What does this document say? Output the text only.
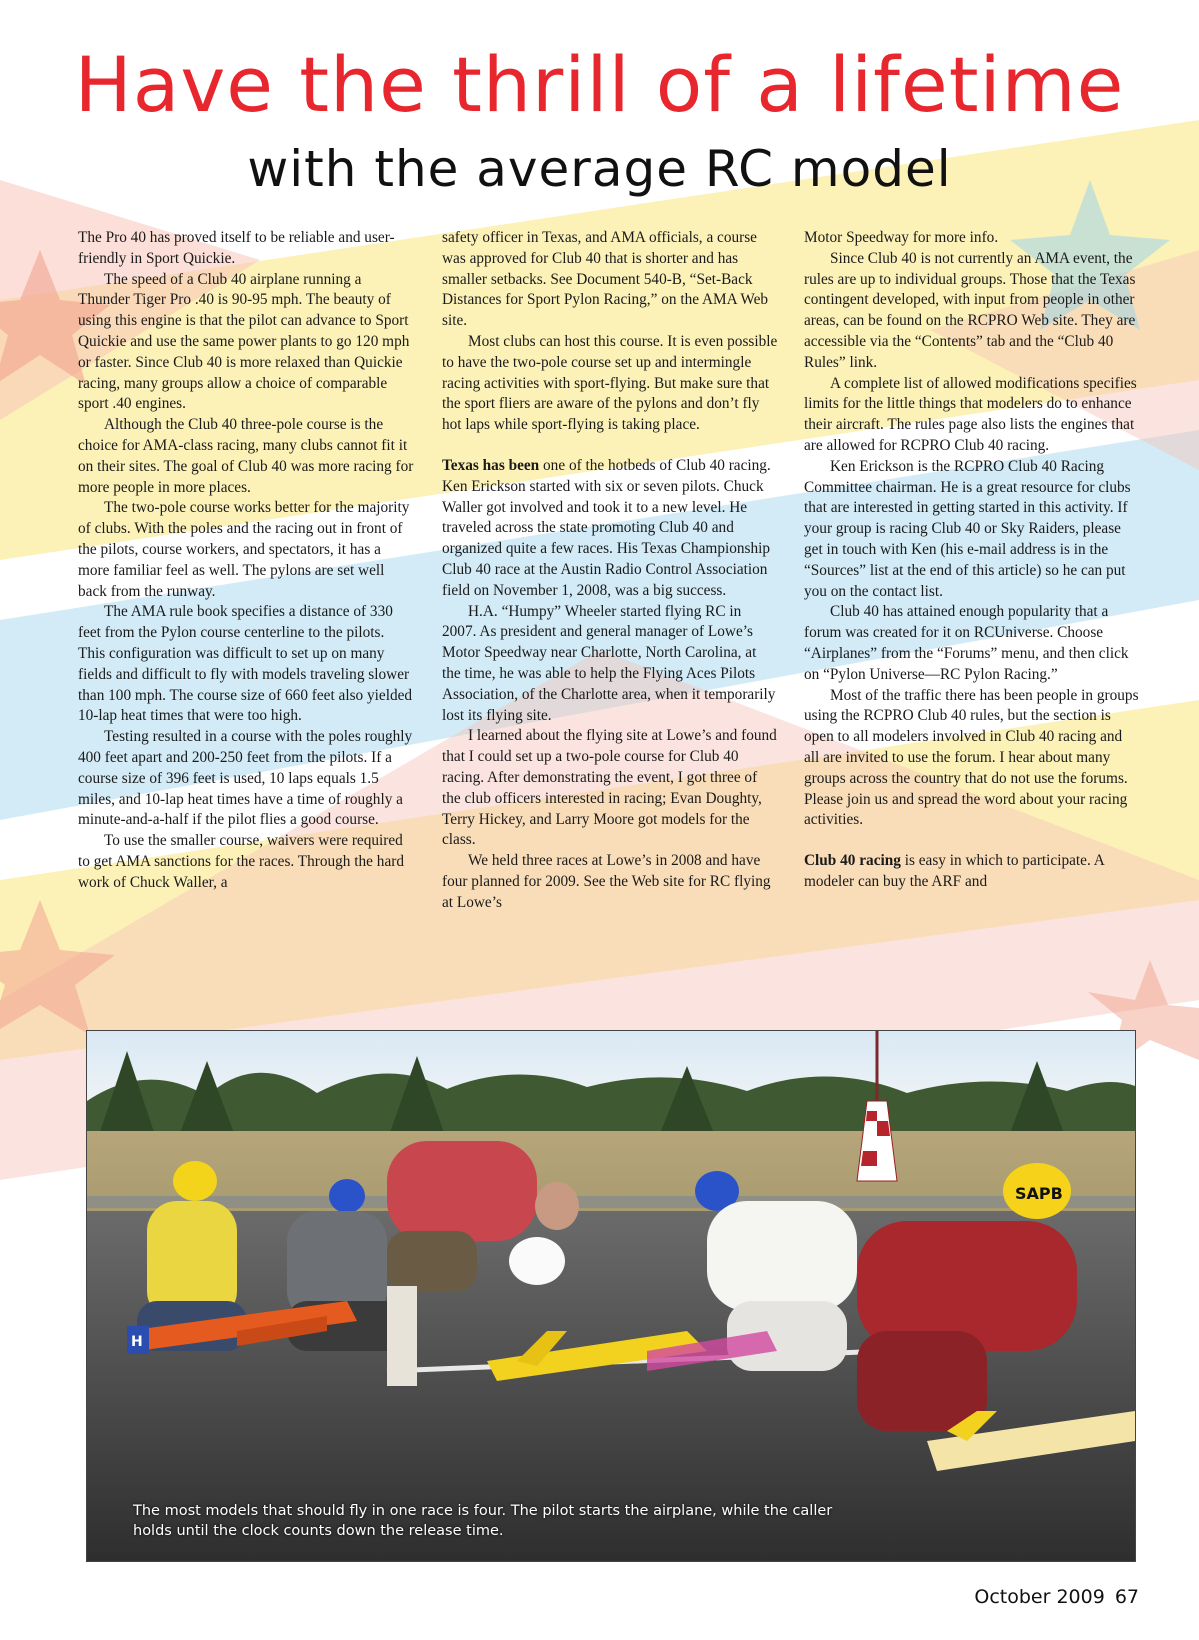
Have the thrill of a lifetime
with the average RC model

The Pro 40 has proved itself to be reliable and user-friendly in Sport Quickie.

The speed of a Club 40 airplane running a Thunder Tiger Pro .40 is 90-95 mph. The beauty of using this engine is that the pilot can advance to Sport Quickie and use the same power plants to go 120 mph or faster. Since Club 40 is more relaxed than Quickie racing, many groups allow a choice of comparable sport .40 engines.

Although the Club 40 three-pole course is the choice for AMA-class racing, many clubs cannot fit it on their sites. The goal of Club 40 was more racing for more people in more places.

The two-pole course works better for the majority of clubs. With the poles and the racing out in front of the pilots, course workers, and spectators, it has a more familiar feel as well. The pylons are set well back from the runway.

The AMA rule book specifies a distance of 330 feet from the Pylon course centerline to the pilots. This configuration was difficult to set up on many fields and difficult to fly with models traveling slower than 100 mph. The course size of 660 feet also yielded 10-lap heat times that were too high.

Testing resulted in a course with the poles roughly 400 feet apart and 200-250 feet from the pilots. If a course size of 396 feet is used, 10 laps equals 1.5 miles, and 10-lap heat times have a time of roughly a minute-and-a-half if the pilot flies a good course.

To use the smaller course, waivers were required to get AMA sanctions for the races. Through the hard work of Chuck Waller, a

safety officer in Texas, and AMA officials, a course was approved for Club 40 that is shorter and has smaller setbacks. See Document 540-B, “Set-Back Distances for Sport Pylon Racing,” on the AMA Web site.

Most clubs can host this course. It is even possible to have the two-pole course set up and intermingle racing activities with sport-flying. But make sure that the sport fliers are aware of the pylons and don’t fly hot laps while sport-flying is taking place.

Texas has been one of the hotbeds of Club 40 racing. Ken Erickson started with six or seven pilots. Chuck Waller got involved and took it to a new level. He traveled across the state promoting Club 40 and organized quite a few races. His Texas Championship Club 40 race at the Austin Radio Control Association field on November 1, 2008, was a big success.

H.A. “Humpy” Wheeler started flying RC in 2007. As president and general manager of Lowe’s Motor Speedway near Charlotte, North Carolina, at the time, he was able to help the Flying Aces Pilots Association, of the Charlotte area, when it temporarily lost its flying site.

I learned about the flying site at Lowe’s and found that I could set up a two-pole course for Club 40 racing. After demonstrating the event, I got three of the club officers interested in racing; Evan Doughty, Terry Hickey, and Larry Moore got models for the class.

We held three races at Lowe’s in 2008 and have four planned for 2009. See the Web site for RC flying at Lowe’s

Motor Speedway for more info.

Since Club 40 is not currently an AMA event, the rules are up to individual groups. Those that the Texas contingent developed, with input from people in other areas, can be found on the RCPRO Web site. They are accessible via the “Contents” tab and the “Club 40 Rules” link.

A complete list of allowed modifications specifies limits for the little things that modelers do to enhance their aircraft. The rules page also lists the engines that are allowed for RCPRO Club 40 racing.

Ken Erickson is the RCPRO Club 40 Racing Committee chairman. He is a great resource for clubs that are interested in getting started in this activity. If your group is racing Club 40 or Sky Raiders, please get in touch with Ken (his e-mail address is in the “Sources” list at the end of this article) so he can put you on the contact list.

Club 40 has attained enough popularity that a forum was created for it on RCUniverse. Choose “Airplanes” from the “Forums” menu, and then click on “Pylon Universe—RC Pylon Racing.”

Most of the traffic there has been people in groups using the RCPRO Club 40 rules, but the section is open to all modelers involved in Club 40 racing and all are invited to use the forum. I hear about many groups across the country that do not use the forums. Please join us and spread the word about your racing activities.

Club 40 racing is easy in which to participate. A modeler can buy the ARF and

SAPB
H
The most models that should fly in one race is four. The pilot starts the airplane, while the caller holds until the clock counts down the release time.
October 2009 67
